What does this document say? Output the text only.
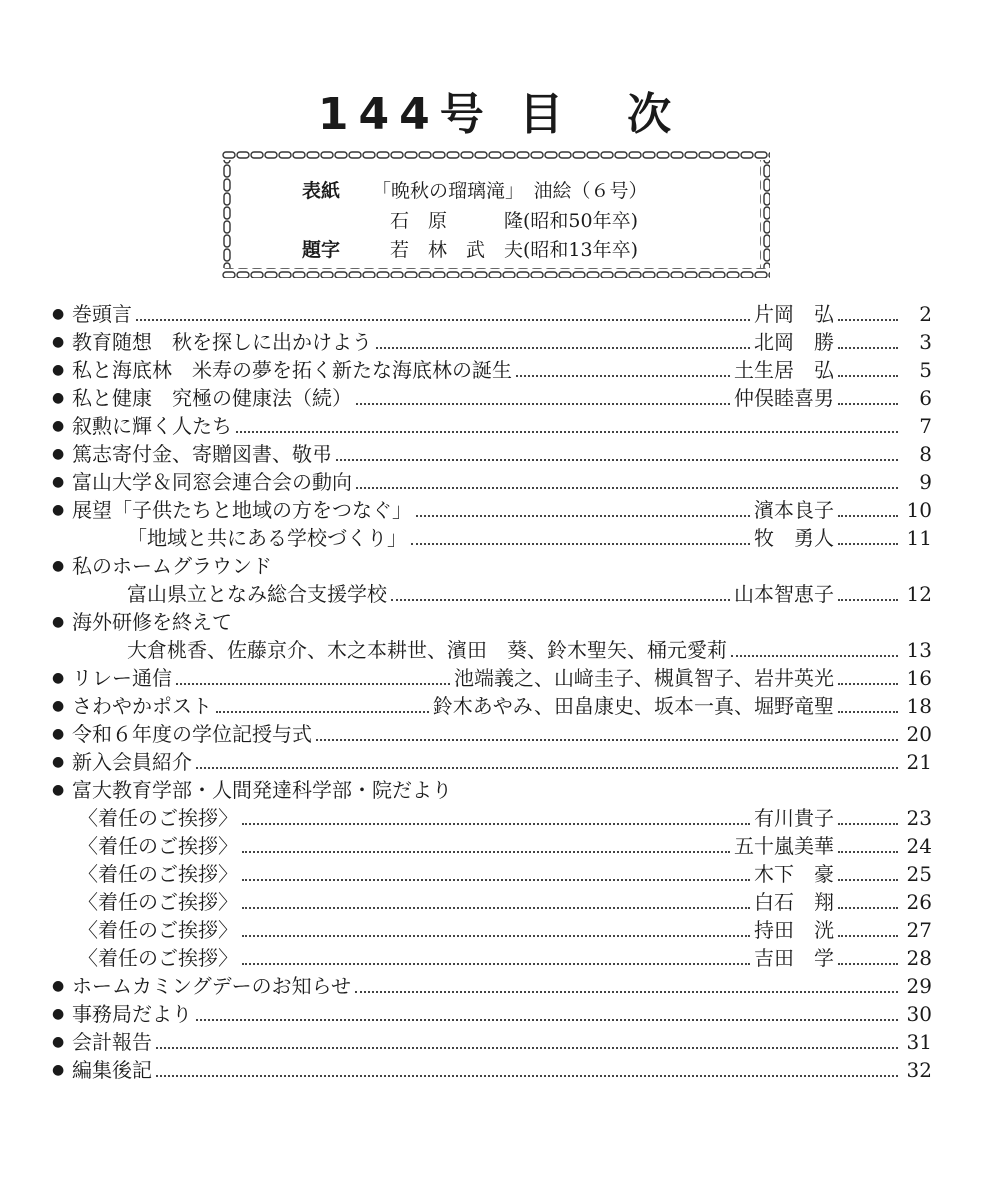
144号 目　次
表紙 「晩秋の瑠璃滝」　油絵（６号）
石　原　　　隆(昭和50年卒)
題字	若　林　武　夫(昭和13年卒)
● 巻頭言	片岡　弘	2
● 教育随想　秋を探しに出かけよう	北岡　勝	3
● 私と海底林　米寿の夢を拓く新たな海底林の誕生	土生居　弘	5
● 私と健康　究極の健康法（続）	仲俣睦喜男	6
● 叙勲に輝く人たち	7
● 篤志寄付金、寄贈図書、敬弔	8
● 富山大学＆同窓会連合会の動向	9
● 展望「子供たちと地域の方をつなぐ」	濱本良子	10
「地域と共にある学校づくり」	牧　勇人	11
● 私のホームグラウンド
富山県立となみ総合支援学校	山本智恵子	12
● 海外研修を終えて
大倉桃香、佐藤京介、木之本耕世、濱田　葵、鈴木聖矢、桶元愛莉	13
● リレー通信	池端義之、山﨑圭子、槻眞智子、岩井英光	16
● さわやかポスト	鈴木あやみ、田畠康史、坂本一真、堀野竜聖	18
● 令和６年度の学位記授与式	20
● 新入会員紹介	21
● 富大教育学部・人間発達科学部・院だより
〈着任のご挨拶〉	有川貴子	23
〈着任のご挨拶〉	五十嵐美華	24
〈着任のご挨拶〉	木下　豪	25
〈着任のご挨拶〉	白石　翔	26
〈着任のご挨拶〉	持田　洸	27
〈着任のご挨拶〉	吉田　学	28
● ホームカミングデーのお知らせ	29
● 事務局だより	30
● 会計報告	31
● 編集後記	32
